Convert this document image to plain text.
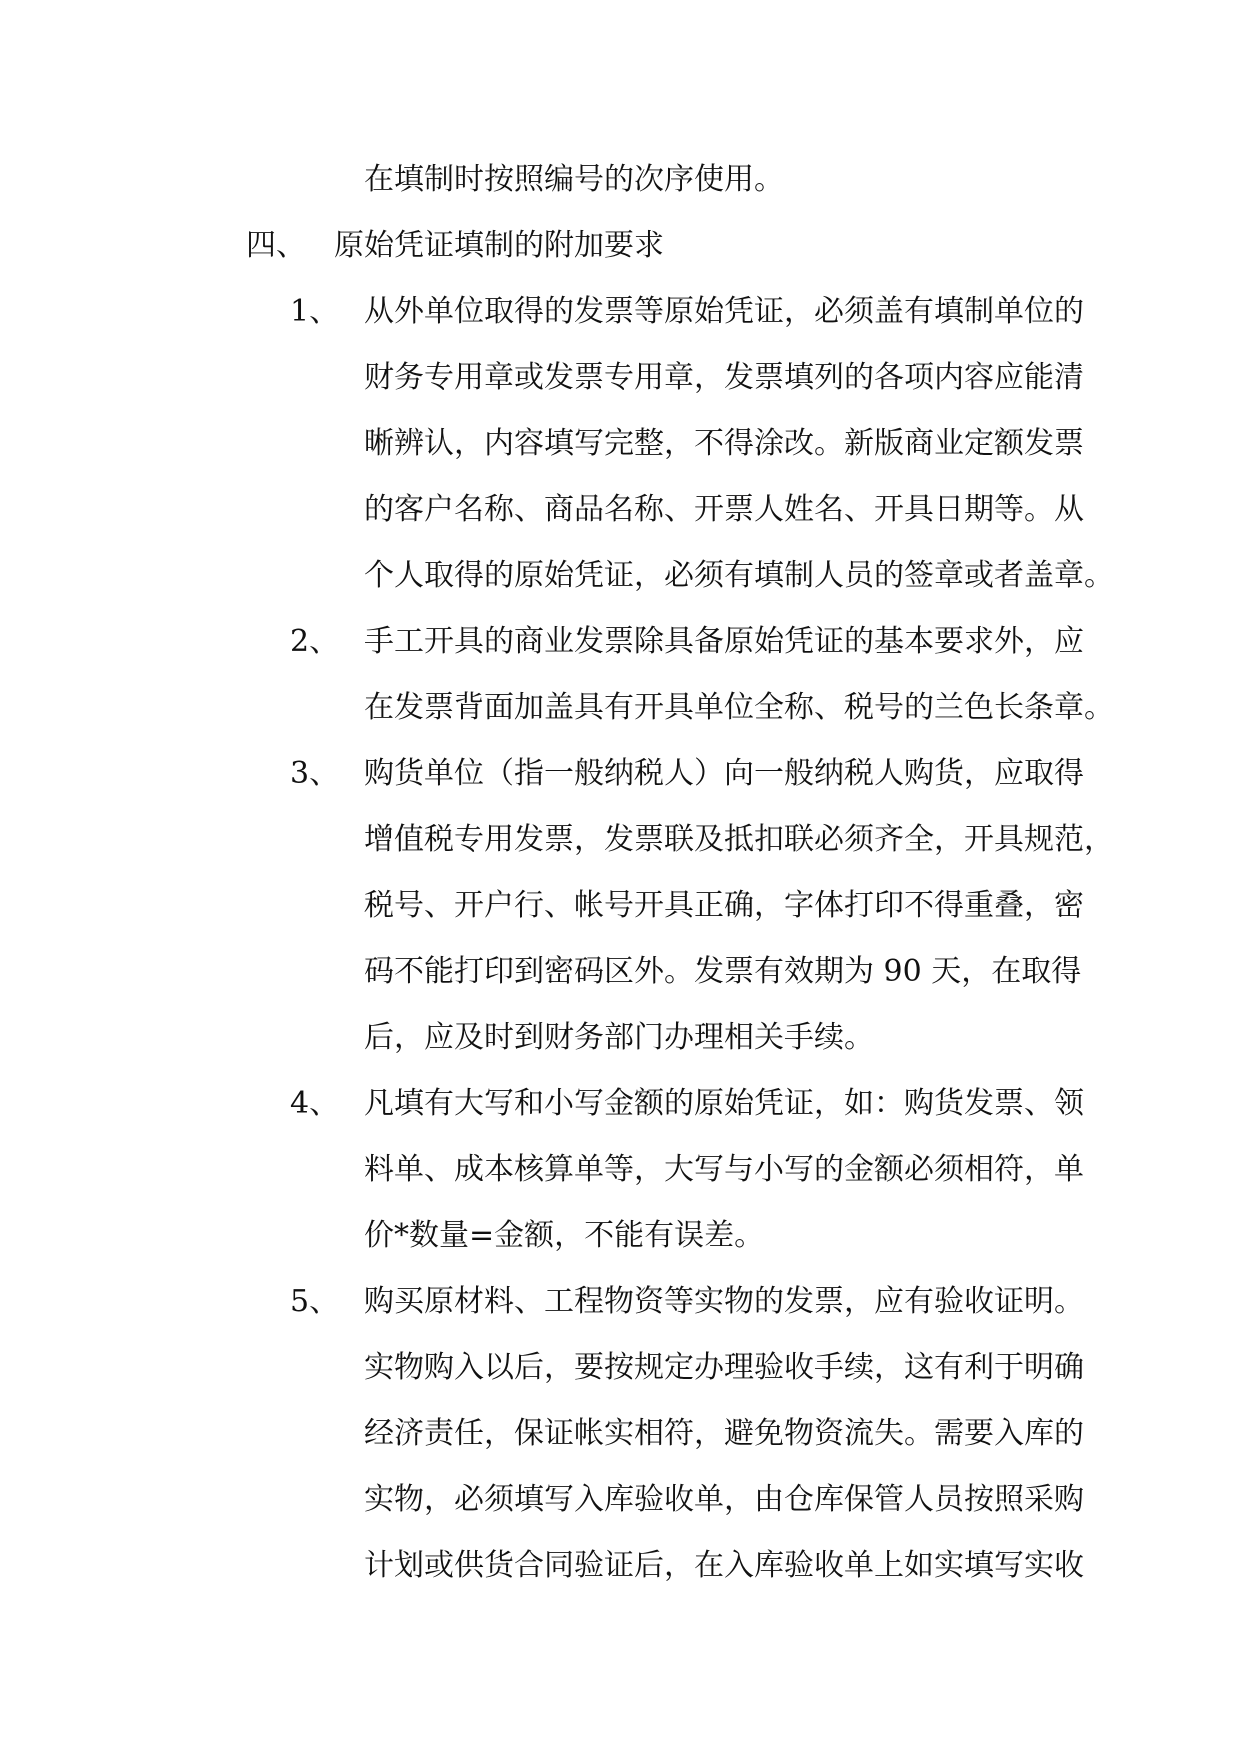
在填制时按照编号的次序使用。

四、 原始凭证填制的附加要求

1、 从外单位取得的发票等原始凭证，必须盖有填制单位的

财务专用章或发票专用章，发票填列的各项内容应能清

晰辨认，内容填写完整，不得涂改。新版商业定额发票

的客户名称、商品名称、开票人姓名、开具日期等。从

个人取得的原始凭证，必须有填制人员的签章或者盖章。

2、 手工开具的商业发票除具备原始凭证的基本要求外，应

在发票背面加盖具有开具单位全称、税号的兰色长条章。

3、 购货单位（指一般纳税人）向一般纳税人购货，应取得

增值税专用发票，发票联及抵扣联必须齐全，开具规范，

税号、开户行、帐号开具正确，字体打印不得重叠，密

码不能打印到密码区外。发票有效期为 90 天，在取得

后，应及时到财务部门办理相关手续。

4、 凡填有大写和小写金额的原始凭证，如：购货发票、领

料单、成本核算单等，大写与小写的金额必须相符，单

价*数量=金额，不能有误差。

5、 购买原材料、工程物资等实物的发票，应有验收证明。

实物购入以后，要按规定办理验收手续，这有利于明确

经济责任，保证帐实相符，避免物资流失。需要入库的

实物，必须填写入库验收单，由仓库保管人员按照采购

计划或供货合同验证后，在入库验收单上如实填写实收
